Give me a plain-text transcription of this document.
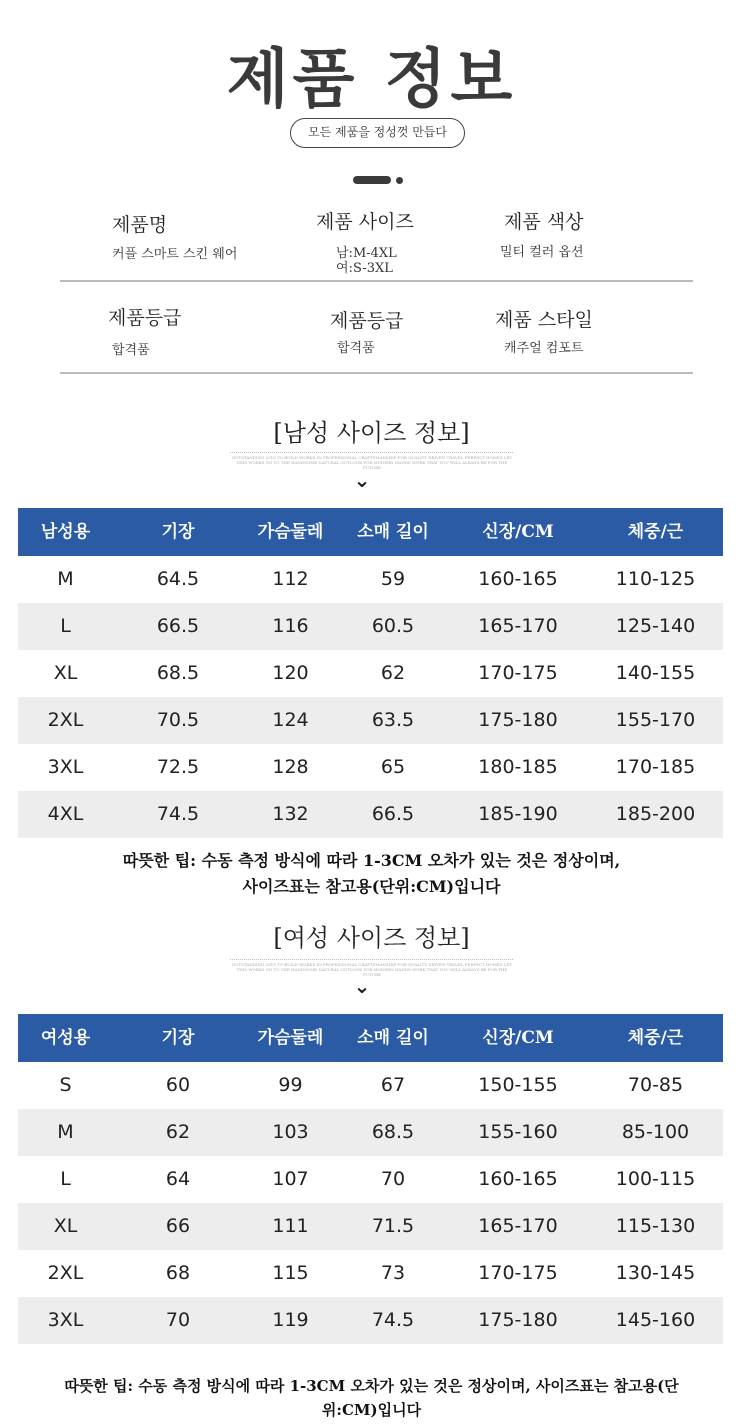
제품 정보
모든 제품을 정성껏 만듭다
제품명
커플 스마트 스킨 웨어
제품 사이즈
남:M-4XL
여:S-3XL
제품 색상
밀티 컬러 옵션
제품등급
합격품
제품등급
합격품
제품 스타일
캐주얼 컴포트
[남성 사이즈 정보]
OUTSTANDING 2018 TO BUILD WORKS IN PROFESSIONAL CRAFTSMANSHIP FOR QUALITY DRIVEN TRAVEL PERFECT HOMES LET THIS WORKS GO TO THE HANDSOME NATURAL OUTLOOK FOR MODERN HANDS WORK THAT YOU WILL ALWAYS BE FOR THE FUTURE
⌄
남성용	기장	가슴둘레	소매 길이	신장/CM	체중/근
M	64.5	112	59	160-165	110-125
L	66.5	116	60.5	165-170	125-140
XL	68.5	120	62	170-175	140-155
2XL	70.5	124	63.5	175-180	155-170
3XL	72.5	128	65	180-185	170-185
4XL	74.5	132	66.5	185-190	185-200
따뜻한 팁: 수동 측정 방식에 따라 1-3CM 오차가 있는 것은 정상이며,
사이즈표는 참고용(단위:CM)입니다
[여성 사이즈 정보]
OUTSTANDING 2018 TO BUILD WORKS IN PROFESSIONAL CRAFTSMANSHIP FOR QUALITY DRIVEN TRAVEL PERFECT HOMES LET THIS WORKS GO TO THE HANDSOME NATURAL OUTLOOK FOR MODERN HANDS WORK THAT YOU WILL ALWAYS BE FOR THE FUTURE
⌄
여성용	기장	가슴둘레	소매 길이	신장/CM	체중/근
S	60	99	67	150-155	70-85
M	62	103	68.5	155-160	85-100
L	64	107	70	160-165	100-115
XL	66	111	71.5	165-170	115-130
2XL	68	115	73	170-175	130-145
3XL	70	119	74.5	175-180	145-160
따뜻한 팁: 수동 측정 방식에 따라 1-3CM 오차가 있는 것은 정상이며, 사이즈표는 참고용(단위:CM)입니다
